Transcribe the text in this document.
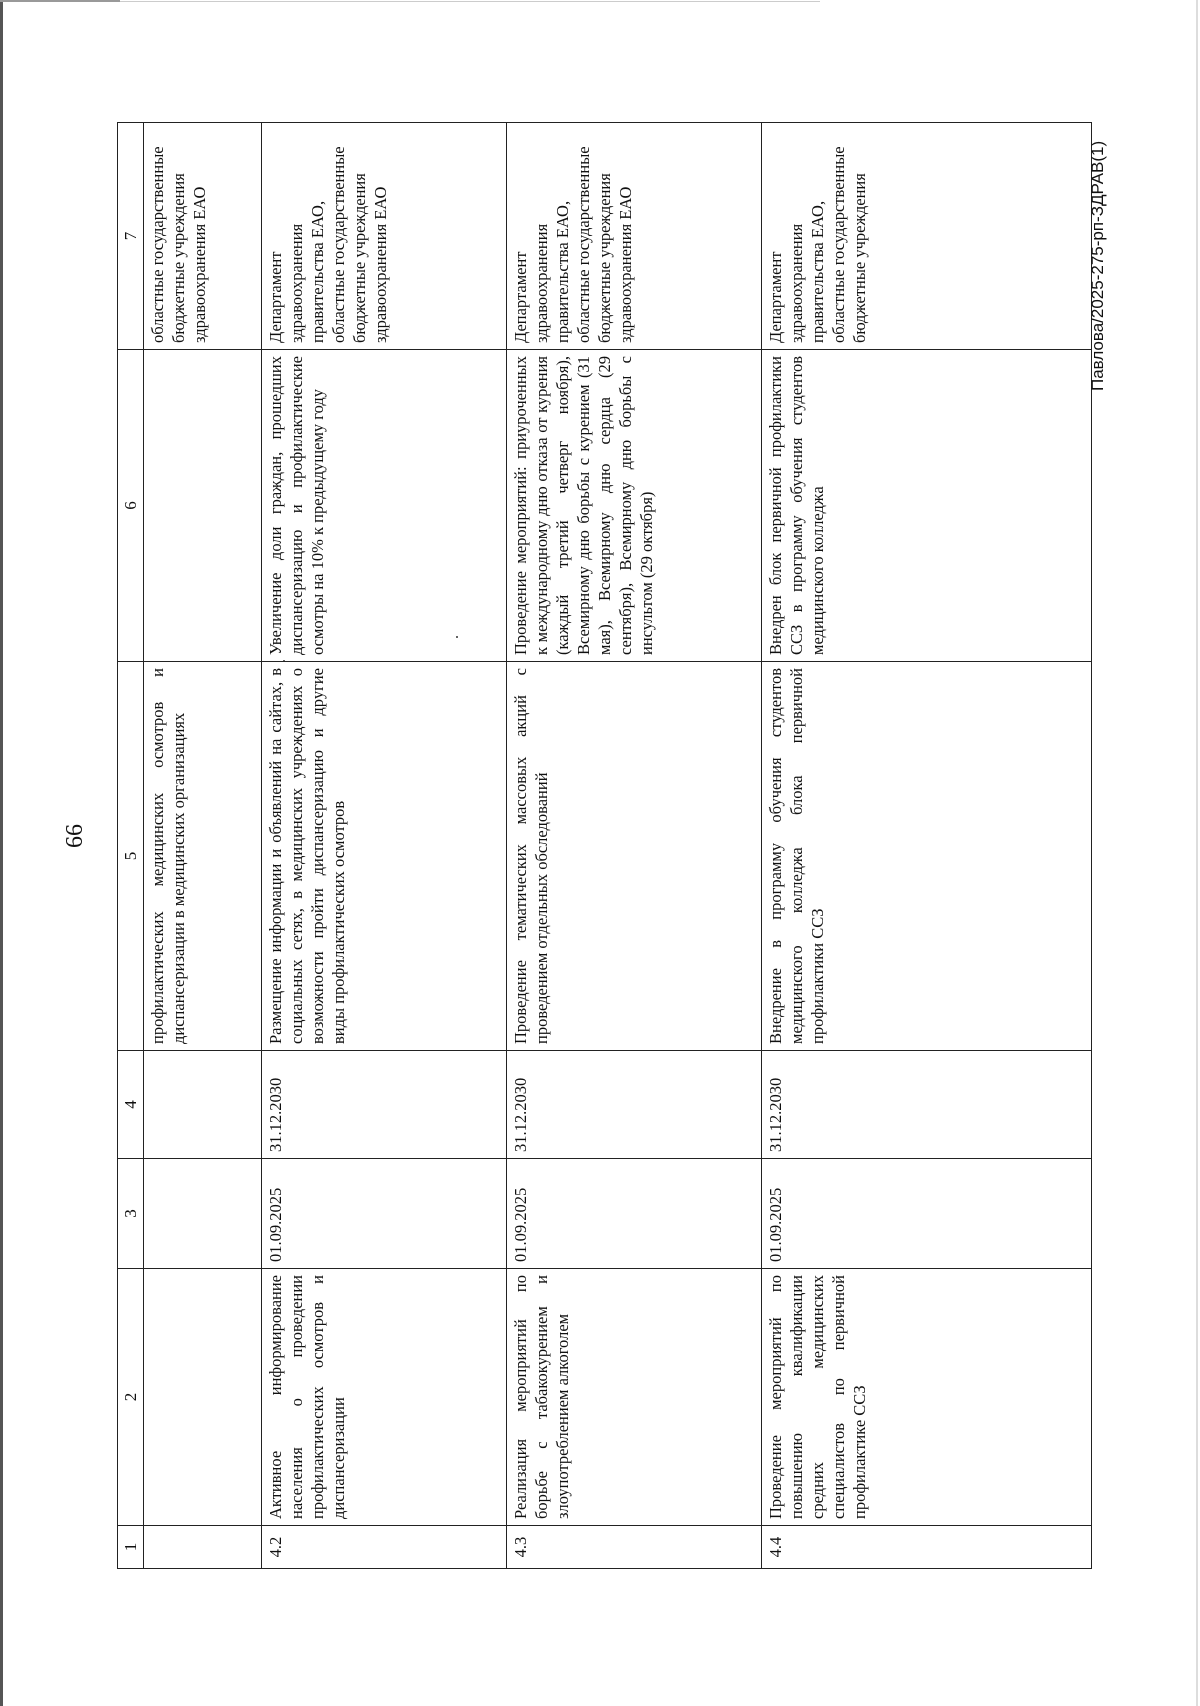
66
1	2	3	4	5	6	7
				профилактических медицинских осмотров и диспансеризации в медицинских организациях		областные государственные бюджетные учреждения здравоохранения ЕАО
4.2	Активное информирование населения о проведении профилактических осмотров и диспансеризации	01.09.2025	31.12.2030	Размещение информации и объявлений на сайтах, в социальных сетях, в медицинских учреждениях о возможности пройти диспансеризацию и другие виды профилактических осмотров	Увеличение доли граждан, прошедших диспансеризацию и профилактические осмотры на 10% к предыдущему году	Департамент здравоохранения правительства ЕАО, областные государственные бюджетные учреждения здравоохранения ЕАО
4.3	Реализация мероприятий по борьбе с табакокурением и злоупотреблением алкоголем	01.09.2025	31.12.2030	Проведение тематических массовых акций с проведением отдельных обследований	Проведение мероприятий: приуроченных к международному дню отказа от курения (каждый третий четверг ноября), Всемирному дню борьбы с курением (31 мая), Всемирному дню сердца (29 сентября), Всемирному дню борьбы с инсультом (29 октября)	Департамент здравоохранения правительства ЕАО, областные государственные бюджетные учреждения здравоохранения ЕАО
4.4	Проведение мероприятий по повышению квалификации средних медицинских специалистов по первичной профилактике ССЗ	01.09.2025	31.12.2030	Внедрение в программу обучения студентов медицинского колледжа блока первичной профилактики ССЗ	Внедрен блок первичной профилактики ССЗ в программу обучения студентов медицинского колледжа	Департамент здравоохранения правительства ЕАО, областные государственные бюджетные учреждения	Павлова/2025-275-рп-ЗДРАВ(1)
